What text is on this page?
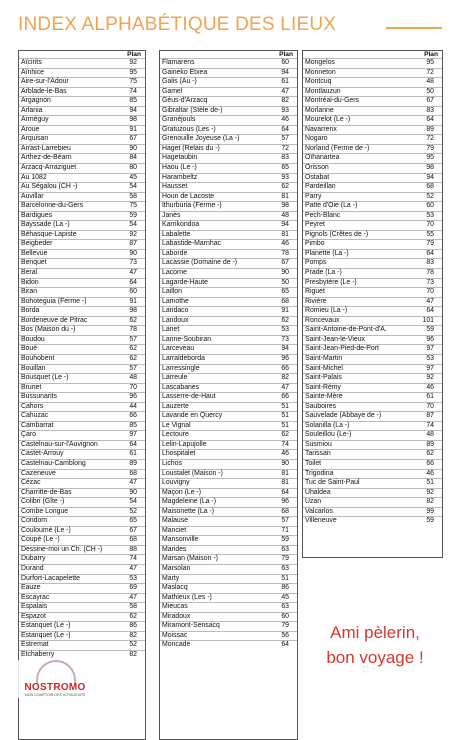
INDEX ALPHABÉTIQUE DES LIEUX
	Plan
Aïcirits	92
Aïnhice	95
Aire-sur-l'Adour	75
Arblade-le-Bas	74
Argagnon	85
Arlania	94
Arméguy	98
Aroue	91
Arquisan	67
Arrast-Larrebieu	90
Arthez-de-Béarn	84
Arzacq-Arraziguet	80
Au 1082	45
Au Ségalou (CH -)	54
Auvillar	58
Barcelonne-du-Gers	75
Bardigues	59
Bayssade (La -)	54
Béhasque-Lapiste	92
Beigbeder	87
Bellevue	90
Benquet	73
Beral	47
Bidon	64
Biran	60
Bohoteguia (Ferme -)	91
Borda	98
Bordeneuve de Pitrac	62
Bos (Maison du -)	78
Boudou	57
Boué	62
Bouhobent	62
Bouillan	57
Bousquet (Le -)	48
Brunet	70
Bussunarits	96
Cahors	44
Cahuzac	66
Cambarrat	85
Çaro	97
Castelnau-sur-l'Auvignon	64
Castet-Arrouy	61
Castelnau-Camblong	89
Cazeneuve	68
Cézac	47
Charritte-de-Bas	90
Colibri (Gîte -)	54
Combe Longue	52
Condom	65
Couloumé (Le -)	67
Coupé (Le -)	68
Dessine-moi un Ch. (CH -)	88
Dubarry	74
Durand	47
Durfort-Lacapelette	53
Eauze	69
Escayrac	47
Espalais	58
Espazot	62
Estanquet (Le -)	86
Estanquet (Le -)	82
Estremat	52
Etchaberry	82
	Plan
Flamarens	60
Gaineko Etxea	94
Galis (Au -)	61
Gamel	47
Géus-d'Arzacq	82
Gibraltar (Stèle de-)	93
Granéjouls	46
Gratuzous (Les -)	64
Grenouille Joyeuse (La -)	57
Haget (Relais du -)	72
Hagetaubin	83
Haou (Le -)	65
Harambeltz	93
Hausset	62
Houn de Lacoste	81
Ithurburia (Ferme -)	98
Janès	48
Karrikondoa	94
Labalette	81
Labastide-Marnhac	46
Laborde	78
Lacassie (Domaine de -)	67
Lacorne	90
Lagarde-Hautе	50
Laillon	65
Lamothe	68
Landaco	91
Landoux	62
Lanet	53
Lanne-Soubiran	73
Larceveau	94
Larraldeborda	96
Larressingle	66
Larreule	82
Lascabanes	47
Lasserre-de-Haut	66
Lauzerte	51
Lavande en Quercy	51
Le Vignal	51
Lectoure	62
Lelin-Lapujolle	74
Lhospitalet	46
Lichos	90
Loustalet (Maison -)	81
Louvigny	81
Maçon (Le -)	64
Magdeleine (La -)	96
Maisonette (La -)	68
Malause	57
Manciet	71
Mansonville	59
Marides	63
Marsan (Maison -)	79
Marsolan	63
Marty	51
Maslacq	86
Mathieux (Les -)	45
Mieucas	63
Miradoux	60
Miramont-Sensacq	79
Moissac	56
Moncade	64
	Plan
Mongelos	95
Monneton	72
Montcuq	48
Montlauzun	50
Montréal-du-Gers	67
Morlanne	83
Mourelot (Le -)	64
Navarrenx	89
Nogaro	72
Norland (Ferme de -)	79
Oïhanartea	95
Orisson	98
Ostabat	94
Pardeillan	68
Parry	52
Patte d'Oie (La -)	60
Pech-Blanc	53
Peyret	70
Pignols (Crêtes de -)	55
Pimbo	79
Planette (La -)	64
Pomps	83
Prade (La -)	78
Presbytère (Le -)	73
Riguet	70
Rivière	47
Romieu (La -)	64
Roncevaux	101
Saint-Antoine-de-Pont-d'A.	59
Saint-Jean-le-Vieux	96
Saint-Jean-Pied-de-Port	97
Saint-Martin	53
Saint-Michel	97
Saint-Palais	92
Saint-Rémy	46
Sainte-Mère	61
Sauboires	70
Sauvelade (Abbaye de -)	87
Solanilla (La -)	74
Souleillou (Le-)	48
Susmiou	89
Tarissan	62
Toilet	66
Trigodina	46
Tuc de Saint-Paul	51
Uhaldea	92
Uzan	82
Valcarlos	99
Villeneuve	59
Ami pèlerin,
bon voyage !
NOSTROMO
MON COMPTOIR DES VOYAGEURS
